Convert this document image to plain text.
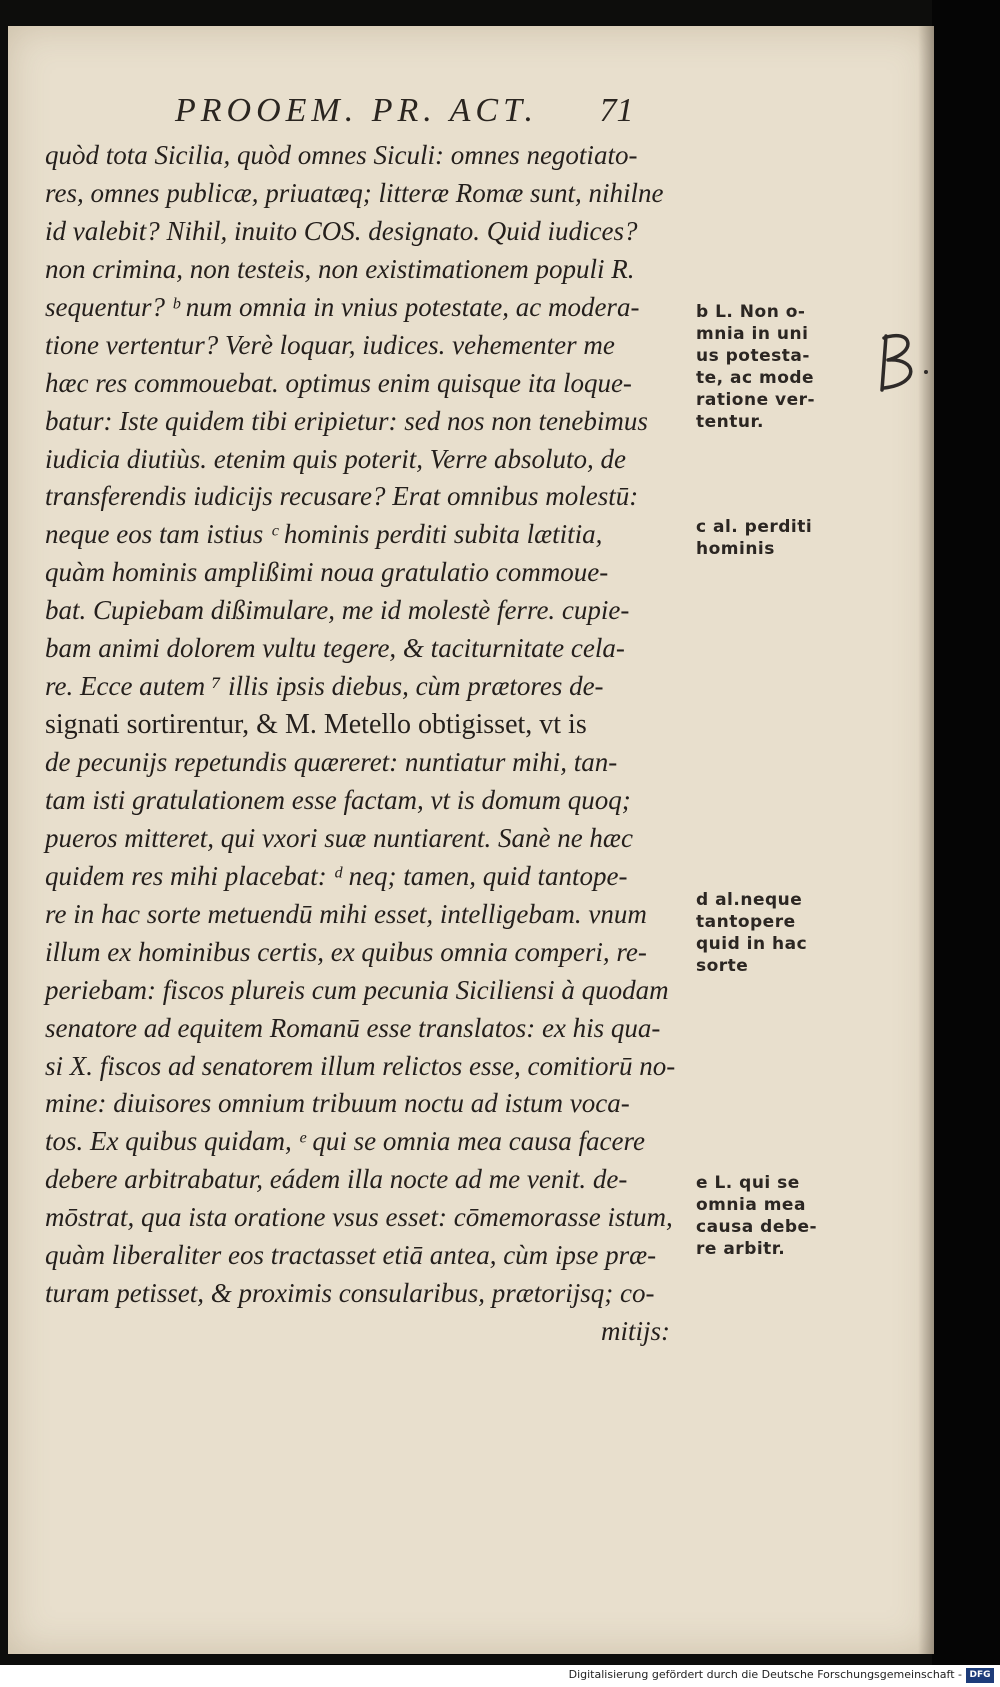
PROOEM. PR. ACT. 71
quòd tota Sicilia, quòd omnes Siculi: omnes negotiato-
res, omnes publicæ, priuatæq; litteræ Romæ sunt, nihilne
id valebit? Nihil, inuito COS. designato. Quid iudices?
non crimina, non testeis, non existimationem populi R.
sequentur? ᵇ num omnia in vnius potestate, ac modera-
tione vertentur? Verè loquar, iudices. vehementer me
hæc res commouebat. optimus enim quisque ita loque-
batur: Iste quidem tibi eripietur: sed nos non tenebimus
iudicia diutiùs. etenim quis poterit, Verre absoluto, de
transferendis iudicijs recusare? Erat omnibus molestū:
neque eos tam istius ᶜ hominis perditi subita lætitia,
quàm hominis amplißimi noua gratulatio commoue-
bat. Cupiebam dißimulare, me id molestè ferre. cupie-
bam animi dolorem vultu tegere, & taciturnitate cela-
re. Ecce autem ⁷ illis ipsis diebus, cùm prætores de-
signati sortirentur, & M. Metello obtigisset, vt is
de pecunijs repetundis quæreret: nuntiatur mihi, tan-
tam isti gratulationem esse factam, vt is domum quoq;
pueros mitteret, qui vxori suæ nuntiarent. Sanè ne hæc
quidem res mihi placebat: ᵈ neq; tamen, quid tantope-
re in hac sorte metuendū mihi esset, intelligebam. vnum
illum ex hominibus certis, ex quibus omnia comperi, re-
periebam: fiscos plureis cum pecunia Siciliensi à quodam
senatore ad equitem Romanū esse translatos: ex his qua-
si X. fiscos ad senatorem illum relictos esse, comitiorū no-
mine: diuisores omnium tribuum noctu ad istum voca-
tos. Ex quibus quidam, ᵉ qui se omnia mea causa facere
debere arbitrabatur, eádem illa nocte ad me venit. de-
mōstrat, qua ista oratione vsus esset: cōmemorasse istum,
quàm liberaliter eos tractasset etiā antea, cùm ipse præ-
turam petisset, & proximis consularibus, prætorijsq; co-
mitijs:
b L. Non o-
mnia in uni
us potesta-
te, ac mode
ratione ver-
tentur.
c al. perditi
hominis
d al.neque
tantopere
quid in hac
sorte
e L. qui se
omnia mea
causa debe-
re arbitr.
Digitalisierung gefördert durch die Deutsche Forschungsgemeinschaft - DFG
